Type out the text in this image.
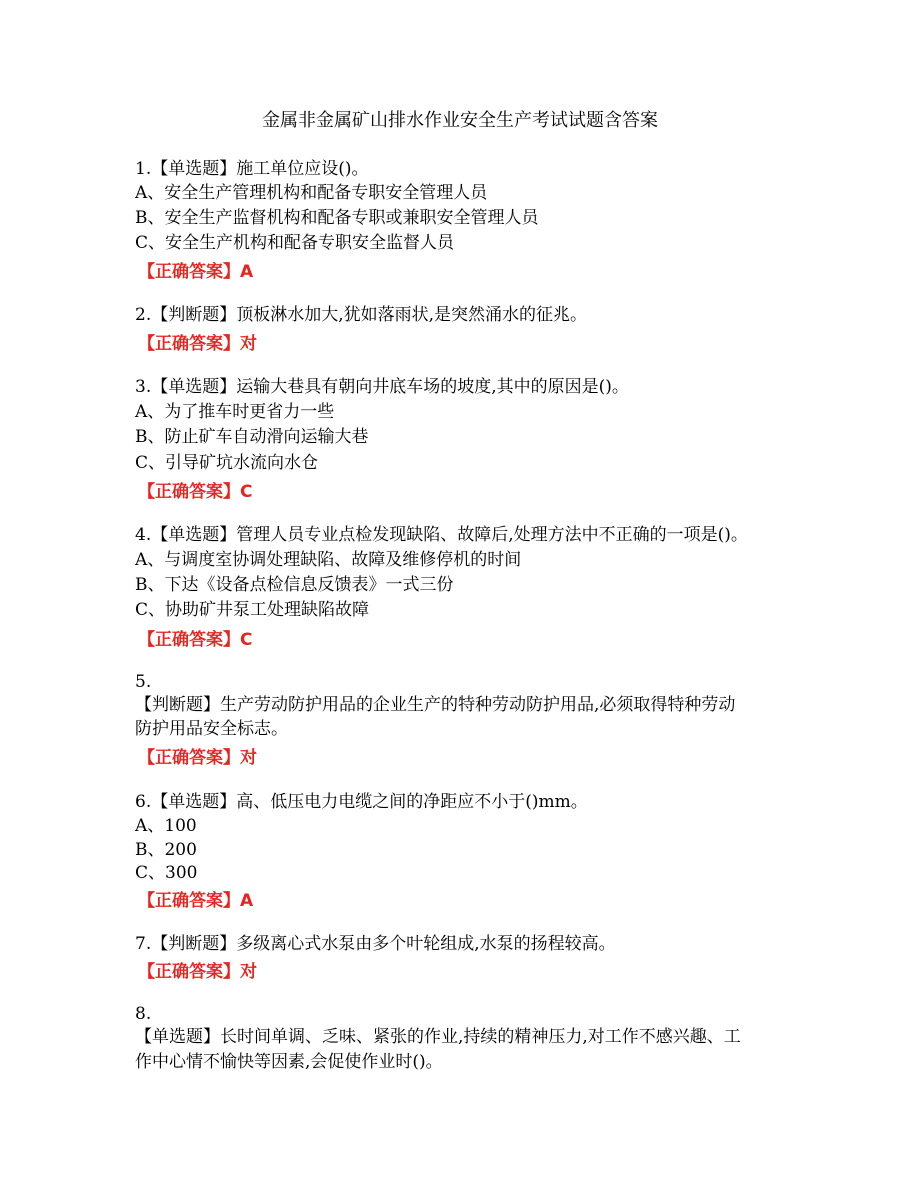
金属非金属矿山排水作业安全生产考试试题含答案
1.【单选题】施工单位应设()。
A、安全生产管理机构和配备专职安全管理人员
B、安全生产监督机构和配备专职或兼职安全管理人员
C、安全生产机构和配备专职安全监督人员
【正确答案】A
2.【判断题】顶板淋水加大,犹如落雨状,是突然涌水的征兆。
【正确答案】对
3.【单选题】运输大巷具有朝向井底车场的坡度,其中的原因是()。
A、为了推车时更省力一些
B、防止矿车自动滑向运输大巷
C、引导矿坑水流向水仓
【正确答案】C
4.【单选题】管理人员专业点检发现缺陷、故障后,处理方法中不正确的一项是()。
A、与调度室协调处理缺陷、故障及维修停机的时间
B、下达《设备点检信息反馈表》一式三份
C、协助矿井泵工处理缺陷故障
【正确答案】C
5.
【判断题】生产劳动防护用品的企业生产的特种劳动防护用品,必须取得特种劳动
防护用品安全标志。
【正确答案】对
6.【单选题】高、低压电力电缆之间的净距应不小于()mm。
A、100
B、200
C、300
【正确答案】A
7.【判断题】多级离心式水泵由多个叶轮组成,水泵的扬程较高。
【正确答案】对
8.
【单选题】长时间单调、乏味、紧张的作业,持续的精神压力,对工作不感兴趣、工
作中心情不愉快等因素,会促使作业时()。
